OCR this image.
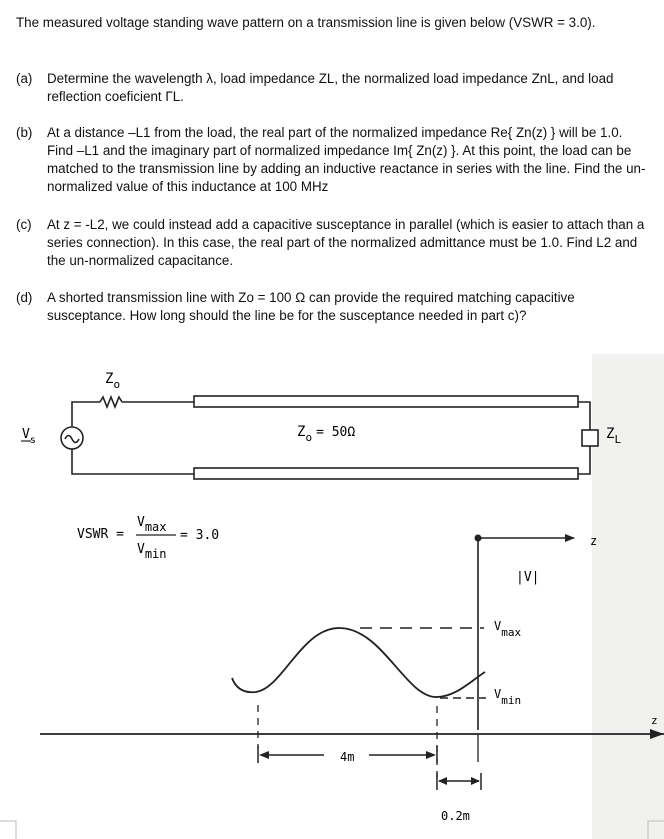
The measured voltage standing wave pattern on a transmission line is given below (VSWR = 3.0).
(a)	Determine the wavelength λ, load impedance ZL, the normalized load impedance ZnL, and load reflection coeficient ΓL.
(b)	At a distance –L1 from the load, the real part of the normalized impedance Re{ Zn(z) } will be 1.0. Find –L1 and the imaginary part of normalized impedance Im{ Zn(z) }. At this point, the load can be matched to the transmission line by adding an inductive reactance in series with the line. Find the un-normalized value of this inductance at 100 MHz
(c)	At z = -L2, we could instead add a capacitive susceptance in parallel (which is easier to attach than a series connection). In this case, the real part of the normalized admittance must be 1.0. Find L2 and the un-normalized capacitance.
(d)	A shorted transmission line with Zo = 100 Ω can provide the required matching capacitive susceptance. How long should the line be for the susceptance needed in part c)?
$Z_o$
$V_s$
$Z_o = 50\Omega$	$Z_L$
VSWR =
Vmax
Vmin
= 3.0	z
|V|
Vmax
Vmin
z
4m
0.2m
